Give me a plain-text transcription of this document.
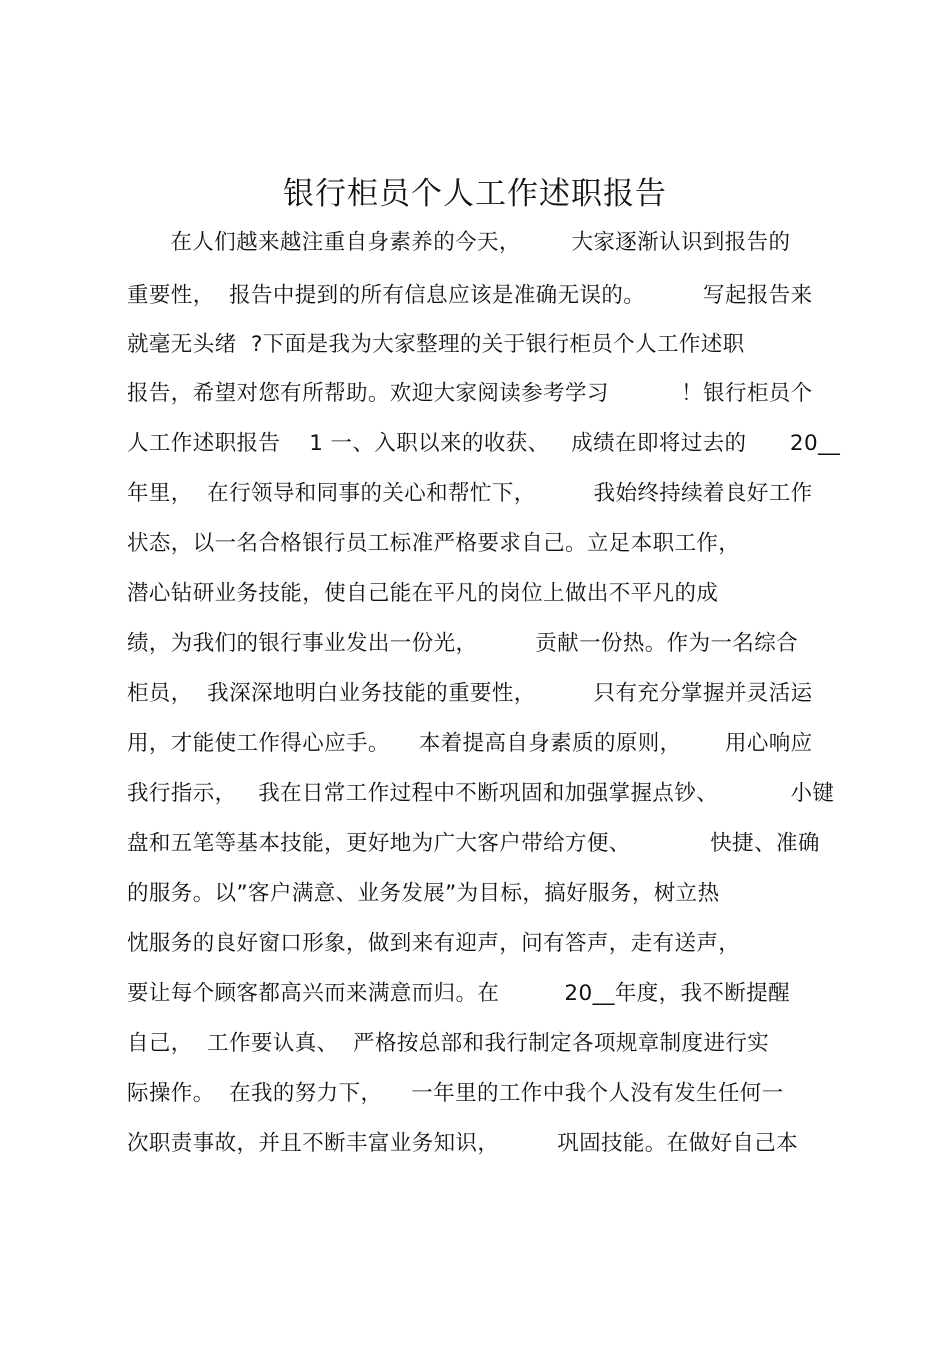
银行柜员个人工作述职报告
在人们越来越注重自身素养的今天，       大家逐渐认识到报告的
重要性，  报告中提到的所有信息应该是准确无误的。        写起报告来
就毫无头绪  ?下面是我为大家整理的关于银行柜员个人工作述职
报告，希望对您有所帮助。欢迎大家阅读参考学习          ！银行柜员个
人工作述职报告    1 一、入职以来的收获、   成绩在即将过去的      20__
年里，  在行领导和同事的关心和帮忙下，        我始终持续着良好工作
状态，以一名合格银行员工标准严格要求自己。立足本职工作，
潜心钻研业务技能，使自己能在平凡的岗位上做出不平凡的成
绩，为我们的银行事业发出一份光，        贡献一份热。作为一名综合
柜员，  我深深地明白业务技能的重要性，        只有充分掌握并灵活运
用，才能使工作得心应手。    本着提高自身素质的原则，      用心响应
我行指示，   我在日常工作过程中不断巩固和加强掌握点钞、          小键
盘和五笔等基本技能，更好地为广大客户带给方便、           快捷、准确
的服务。以”客户满意、业务发展”为目标，搞好服务，树立热
忱服务的良好窗口形象，做到来有迎声，问有答声，走有送声，
要让每个顾客都高兴而来满意而归。在         20__年度，我不断提醒
自己，  工作要认真、  严格按总部和我行制定各项规章制度进行实
际操作。  在我的努力下，    一年里的工作中我个人没有发生任何一
次职责事故，并且不断丰富业务知识，        巩固技能。在做好自己本
